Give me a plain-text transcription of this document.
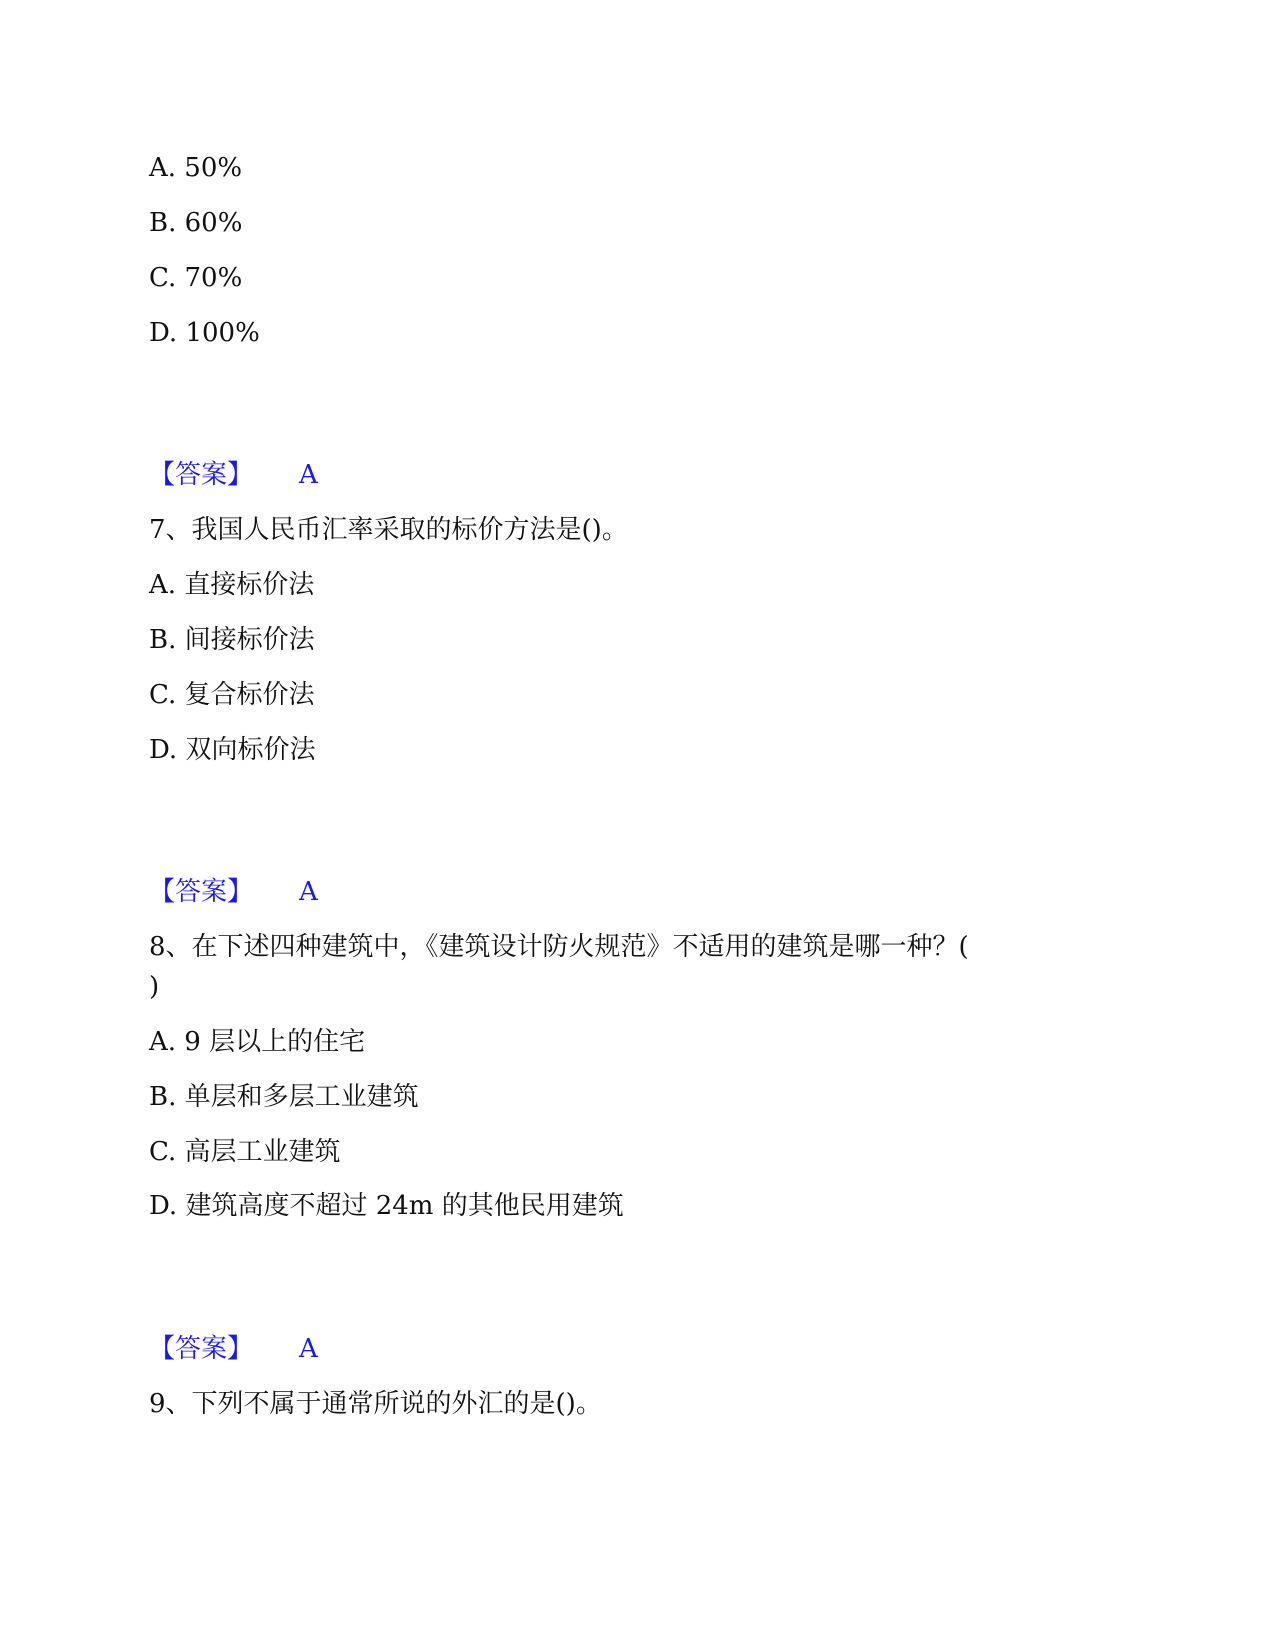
A. 50%
B. 60%
C. 70%
D. 100%
【答案】 A
7、我国人民币汇率采取的标价方法是()。
A. 直接标价法
B. 间接标价法
C. 复合标价法
D. 双向标价法
【答案】 A
8、在下述四种建筑中，《建筑设计防火规范》不适用的建筑是哪一种？(
)
A. 9 层以上的住宅
B. 单层和多层工业建筑
C. 高层工业建筑
D. 建筑高度不超过 24m 的其他民用建筑
【答案】 A
9、下列不属于通常所说的外汇的是()。
